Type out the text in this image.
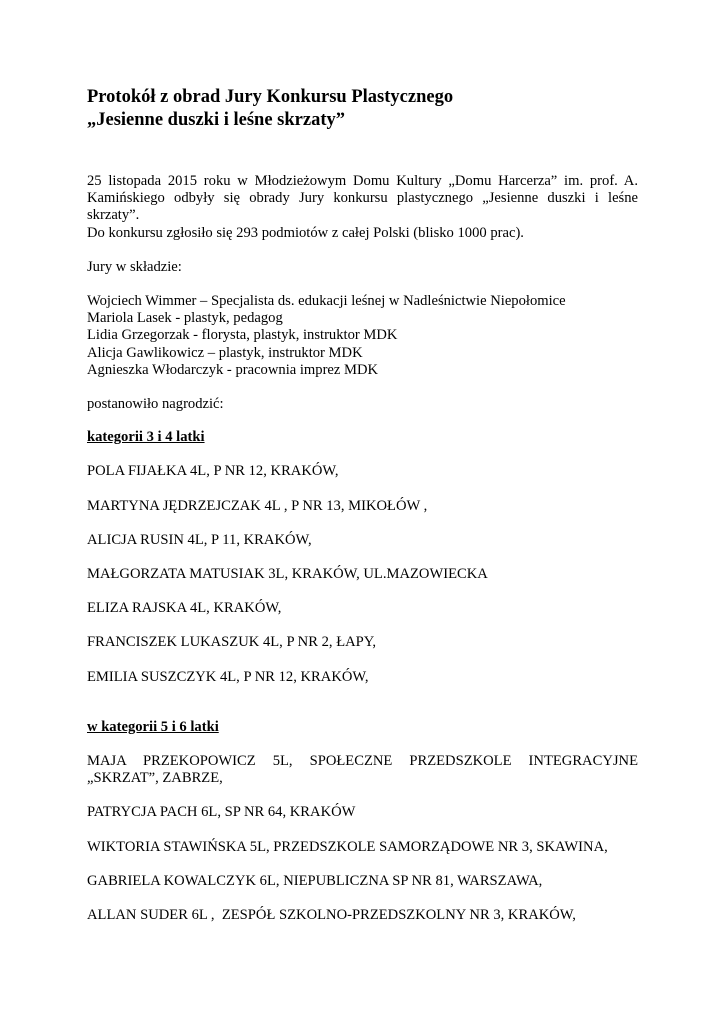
Protokół z obrad Jury Konkursu Plastycznego
„Jesienne duszki i leśne skrzaty”
25 listopada 2015 roku w Młodzieżowym Domu Kultury „Domu Harcerza” im. prof. A. Kamińskiego odbyły się obrady Jury konkursu plastycznego „Jesienne duszki i leśne skrzaty”.
Do konkursu zgłosiło się 293 podmiotów z całej Polski (blisko 1000 prac).
Jury w składzie:
Wojciech Wimmer – Specjalista ds. edukacji leśnej w Nadleśnictwie Niepołomice
Mariola Lasek - plastyk, pedagog
Lidia Grzegorzak - florysta, plastyk, instruktor MDK
Alicja Gawlikowicz – plastyk, instruktor MDK
Agnieszka Włodarczyk - pracownia imprez MDK
postanowiło nagrodzić:
kategorii 3 i 4 latki
POLA FIJAŁKA 4L, P NR 12, KRAKÓW,
MARTYNA JĘDRZEJCZAK 4L , P NR 13, MIKOŁÓW ,
ALICJA RUSIN 4L, P 11, KRAKÓW,
MAŁGORZATA MATUSIAK 3L, KRAKÓW, UL.MAZOWIECKA
ELIZA RAJSKA 4L, KRAKÓW,
FRANCISZEK LUKASZUK 4L, P NR 2, ŁAPY,
EMILIA SUSZCZYK 4L, P NR 12, KRAKÓW,
w kategorii 5 i 6 latki
MAJA PRZEKOPOWICZ 5L, SPOŁECZNE PRZEDSZKOLE INTEGRACYJNE „SKRZAT”, ZABRZE,
PATRYCJA PACH 6L, SP NR 64, KRAKÓW
WIKTORIA STAWIŃSKA 5L, PRZEDSZKOLE SAMORZĄDOWE NR 3, SKAWINA,
GABRIELA KOWALCZYK 6L, NIEPUBLICZNA SP NR 81, WARSZAWA,
ALLAN SUDER 6L ,  ZESPÓŁ SZKOLNO-PRZEDSZKOLNY NR 3, KRAKÓW,
